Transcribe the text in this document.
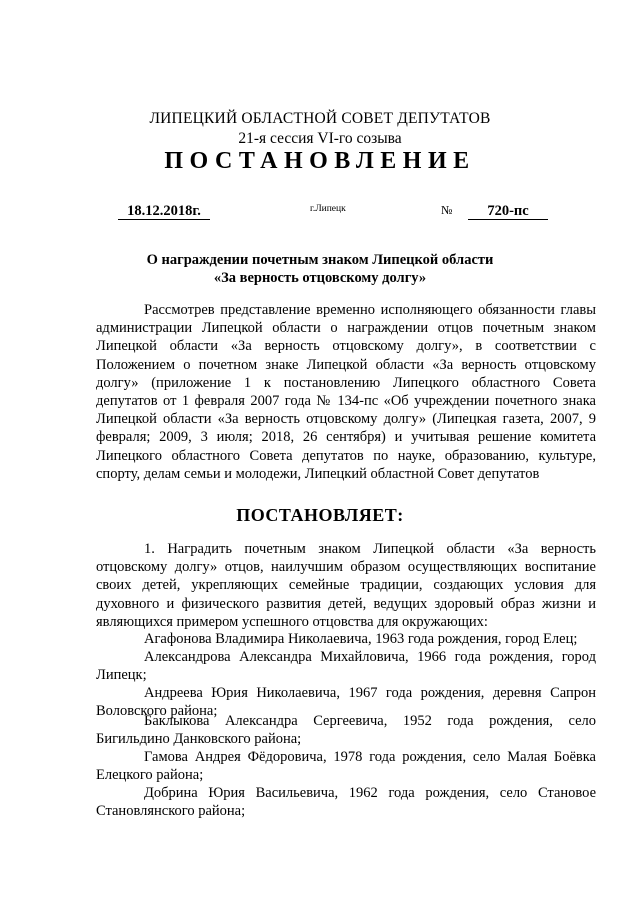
ЛИПЕЦКИЙ ОБЛАСТНОЙ СОВЕТ ДЕПУТАТОВ
21-я сессия VI-го созыва
ПОСТАНОВЛЕНИЕ
18.12.2018г.	г.Липецк	№	720-пс
О награждении почетным знаком Липецкой области
«За верность отцовскому долгу»
Рассмотрев представление временно исполняющего обязанности главы администрации Липецкой области о награждении отцов почетным знаком Липецкой области «За верность отцовскому долгу», в соответствии с Положением о почетном знаке Липецкой области «За верность отцовскому долгу» (приложение 1 к постановлению Липецкого областного Совета депутатов от 1 февраля 2007 года № 134-пс «Об учреждении почетного знака Липецкой области «За верность отцовскому долгу» (Липецкая газета, 2007, 9 февраля; 2009, 3 июля; 2018, 26 сентября) и учитывая решение комитета Липецкого областного Совета депутатов по науке, образованию, культуре, спорту, делам семьи и молодежи, Липецкий областной Совет депутатов
ПОСТАНОВЛЯЕТ:
1. Наградить почетным знаком Липецкой области «За верность отцовскому долгу» отцов, наилучшим образом осуществляющих воспитание своих детей, укрепляющих семейные традиции, создающих условия для духовного и физического развития детей, ведущих здоровый образ жизни и являющихся примером успешного отцовства для окружающих:
Агафонова Владимира Николаевича, 1963 года рождения, город Елец;
Александрова Александра Михайловича, 1966 года рождения, город Липецк;
Андреева Юрия Николаевича, 1967 года рождения, деревня Сапрон Воловского района;
Баклыкова Александра Сергеевича, 1952 года рождения, село Бигильдино Данковского района;
Гамова Андрея Фёдоровича, 1978 года рождения, село Малая Боёвка Елецкого района;
Добрина Юрия Васильевича, 1962 года рождения, село Становое Становлянского района;
